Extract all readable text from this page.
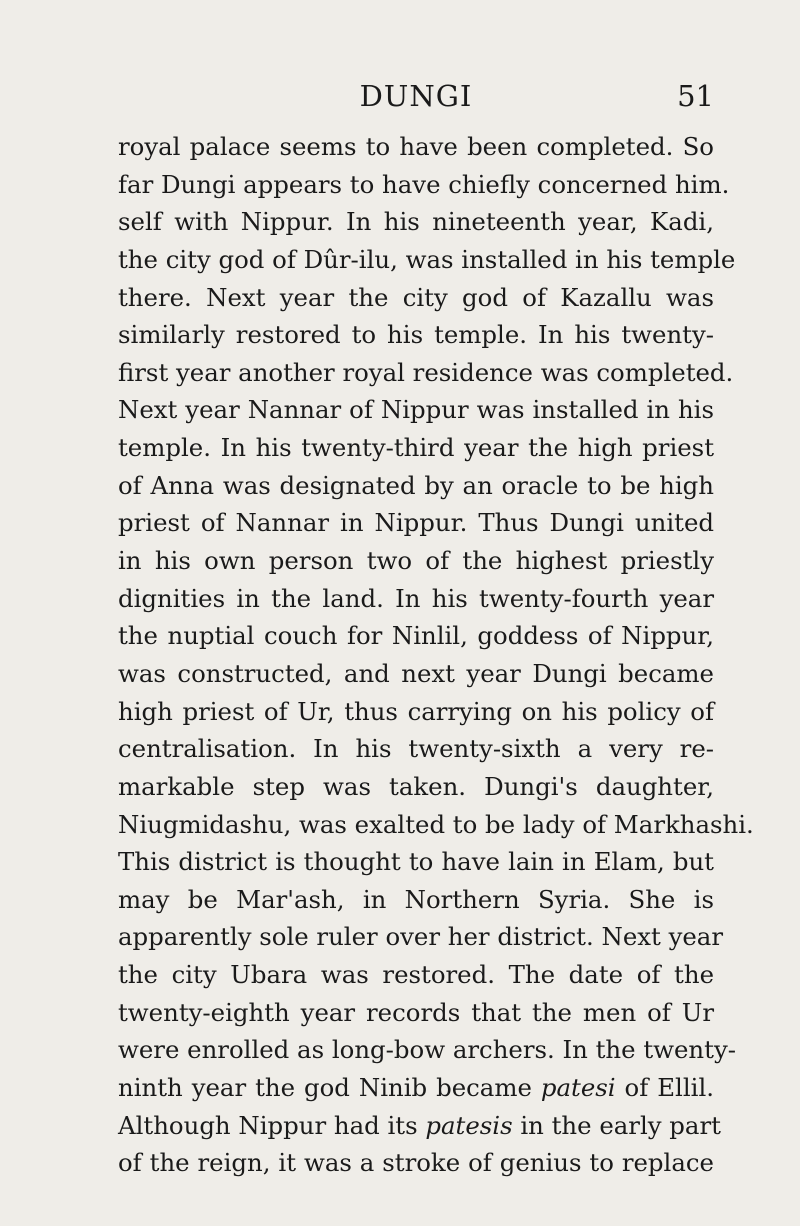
DUNGI	51
royal palace seems to have been completed. So
far Dungi appears to have chiefly concerned him.
self with Nippur. In his nineteenth year, Kadi,
the city god of Dûr-ilu, was installed in his temple
there. Next year the city god of Kazallu was
similarly restored to his temple. In his twenty-
first year another royal residence was completed.
Next year Nannar of Nippur was installed in his
temple. In his twenty-third year the high priest
of Anna was designated by an oracle to be high
priest of Nannar in Nippur. Thus Dungi united
in his own person two of the highest priestly
dignities in the land. In his twenty-fourth year
the nuptial couch for Ninlil, goddess of Nippur,
was constructed, and next year Dungi became
high priest of Ur, thus carrying on his policy of
centralisation. In his twenty-sixth a very re-
markable step was taken. Dungi's daughter,
Niugmidashu, was exalted to be lady of Markhashi.
This district is thought to have lain in Elam, but
may be Mar'ash, in Northern Syria. She is
apparently sole ruler over her district. Next year
the city Ubara was restored. The date of the
twenty-eighth year records that the men of Ur
were enrolled as long-bow archers. In the twenty-
ninth year the god Ninib became patesi of Ellil.
Although Nippur had its patesis in the early part
of the reign, it was a stroke of genius to replace
